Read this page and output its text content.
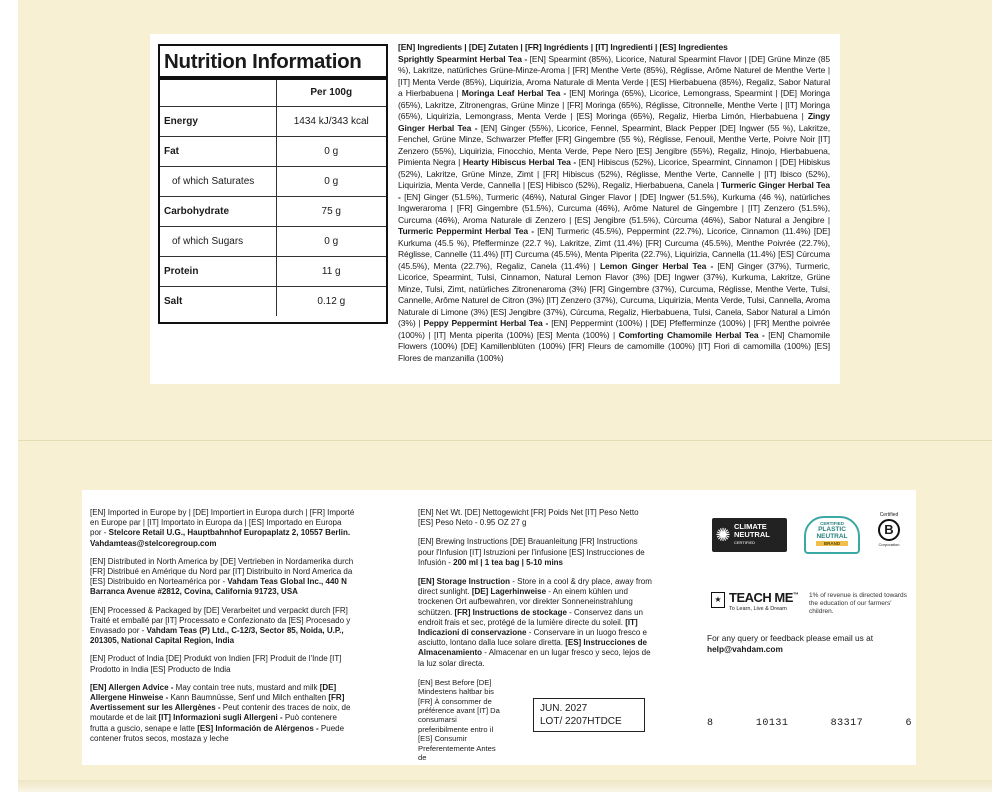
Nutrition Information
	Per 100g
Energy	1434 kJ/343 kcal
Fat	0 g
of which Saturates	0 g
Carbohydrate	75 g
of which Sugars	0 g
Protein	11 g
Salt	0.12 g
[EN] Ingredients | [DE] Zutaten | [FR] Ingrédients | [IT] Ingredienti | [ES] Ingredientes
Sprightly Spearmint Herbal Tea - [EN] Spearmint (85%), Licorice, Natural Spearmint Flavor | [DE] Grüne Minze (85 %), Lakritze, natürliches Grüne-Minze-Aroma | [FR] Menthe Verte (85%), Réglisse, Arôme Naturel de Menthe Verte | [IT] Menta Verde (85%), Liquirizia, Aroma Naturale di Menta Verde | [ES] Hierbabuena (85%), Regaliz, Sabor Natural a Hierbabuena | Moringa Leaf Herbal Tea - [EN] Moringa (65%), Licorice, Lemongrass, Spearmint | [DE] Moringa (65%), Lakritze, Zitronengras, Grüne Minze | [FR] Moringa (65%), Réglisse, Citronnelle, Menthe Verte | [IT] Moringa (65%), Liquirizia, Lemongrass, Menta Verde | [ES] Moringa (65%), Regaliz, Hierba Limón, Hierbabuena | Zingy Ginger Herbal Tea - [EN] Ginger (55%), Licorice, Fennel, Spearmint, Black Pepper [DE] Ingwer (55 %), Lakritze, Fenchel, Grüne Minze, Schwarzer Pfeffer [FR] Gingembre (55 %), Réglisse, Fenouil, Menthe Verte, Poivre Noir [IT] Zenzero (55%), Liquirizia, Finocchio, Menta Verde, Pepe Nero [ES] Jengibre (55%), Regaliz, Hinojo, Hierbabuena, Pimienta Negra | Hearty Hibiscus Herbal Tea - [EN] Hibiscus (52%), Licorice, Spearmint, Cinnamon | [DE] Hibiskus (52%), Lakritze, Grüne Minze, Zimt | [FR] Hibiscus (52%), Réglisse, Menthe Verte, Cannelle | [IT] Ibisco (52%), Liquirizia, Menta Verde, Cannella | [ES] Hibisco (52%), Regaliz, Hierbabuena, Canela | Turmeric Ginger Herbal Tea - [EN] Ginger (51.5%), Turmeric (46%), Natural Ginger Flavor | [DE] Ingwer (51.5%), Kurkuma (46 %), natürliches Ingweraroma | [FR] Gingembre (51.5%), Curcuma (46%), Arôme Naturel de Gingembre | [IT] Zenzero (51.5%), Curcuma (46%), Aroma Naturale di Zenzero | [ES] Jengibre (51.5%), Cúrcuma (46%), Sabor Natural a Jengibre | Turmeric Peppermint Herbal Tea - [EN] Turmeric (45.5%), Peppermint (22.7%), Licorice, Cinnamon (11.4%) [DE] Kurkuma (45.5 %), Pfefferminze (22.7 %), Lakritze, Zimt (11.4%) [FR] Curcuma (45.5%), Menthe Poivrée (22.7%), Réglisse, Cannelle (11.4%) [IT] Curcuma (45.5%), Menta Piperita (22.7%), Liquirizia, Cannella (11.4%) [ES] Cúrcuma (45.5%), Menta (22.7%), Regaliz, Canela (11.4%) | Lemon Ginger Herbal Tea - [EN] Ginger (37%), Turmeric, Licorice, Spearmint, Tulsi, Cinnamon, Natural Lemon Flavor (3%) [DE] Ingwer (37%), Kurkuma, Lakritze, Grüne Minze, Tulsi, Zimt, natürliches Zitronenaroma (3%) [FR] Gingembre (37%), Curcuma, Réglisse, Menthe Verte, Tulsi, Cannelle, Arôme Naturel de Citron (3%) [IT] Zenzero (37%), Curcuma, Liquirizia, Menta Verde, Tulsi, Cannella, Aroma Naturale di Limone (3%) [ES] Jengibre (37%), Cúrcuma, Regaliz, Hierbabuena, Tulsi, Canela, Sabor Natural a Limón (3%) | Peppy Peppermint Herbal Tea - [EN] Peppermint (100%) | [DE] Pfefferminze (100%) | [FR] Menthe poivrée (100%) | [IT] Menta piperita (100%) [ES] Menta (100%) | Comforting Chamomile Herbal Tea - [EN] Chamomile Flowers (100%) [DE] Kamillenblüten (100%) [FR] Fleurs de camomille (100%) [IT] Fiori di camomilla (100%) [ES] Flores de manzanilla (100%)

[EN] Imported in Europe by | [DE] Importiert in Europa durch | [FR] Importé en Europe par | [IT] Importato in Europa da | [ES] Importado en Europa por - Stelcore Retail U.G., Hauptbahnhof Europaplatz 2, 10557 Berlin. Vahdamteas@stelcoregroup.com

[EN] Distributed in North America by [DE] Vertrieben in Nordamerika durch [FR] Distribué en Amérique du Nord par [IT] Distribuito in Nord America da [ES] Distribuido en Norteamérica por - Vahdam Teas Global Inc., 440 N Barranca Avenue #2812, Covina, California 91723, USA

[EN] Processed & Packaged by [DE] Verarbeitet und verpackt durch [FR] Traité et emballé par [IT] Processato e Confezionato da [ES] Procesado y Envasado por - Vahdam Teas (P) Ltd., C-12/3, Sector 85, Noida, U.P., 201305, National Capital Region, India

[EN] Product of India [DE] Produkt von Indien [FR] Produit de l'Inde [IT] Prodotto in India [ES] Producto de India

[EN] Allergen Advice - May contain tree nuts, mustard and milk [DE] Allergene Hinweise - Kann Baumnüsse, Senf und Milch enthalten [FR] Avertissement sur les Allergènes - Peut contenir des traces de noix, de moutarde et de lait [IT] Informazioni sugli Allergeni - Può contenere frutta a guscio, senape e latte [ES] Información de Alérgenos - Puede contener frutos secos, mostaza y leche

[EN] Net Wt. [DE] Nettogewicht [FR] Poids Net [IT] Peso Netto [ES] Peso Neto - 0.95 OZ 27 g

[EN] Brewing Instructions [DE] Brauanleitung [FR] Instructions pour l'Infusion [IT] Istruzioni per l'infusione [ES] Instrucciones de Infusión - 200 ml | 1 tea bag | 5-10 mins

[EN] Storage Instruction - Store in a cool & dry place, away from direct sunlight. [DE] Lagerhinweise - An einem kühlen und trockenen Ort aufbewahren, vor direkter Sonneneinstrahlung schützen. [FR] Instructions de stockage - Conservez dans un endroit frais et sec, protégé de la lumière directe du soleil. [IT] Indicazioni di conservazione - Conservare in un luogo fresco e asciutto, lontano dalla luce solare diretta. [ES] Instrucciones de Almacenamiento - Almacenar en un lugar fresco y seco, lejos de la luz solar directa.

[EN] Best Before [DE] Mindestens haltbar bis [FR] À consommer de préférence avant [IT] Da consumarsi preferibilmente entro il [ES] Consumir Preferentemente Antes de
JUN. 2027
LOT/ 2207HTDCE
✺ CLIMATE
NEUTRAL
CERTIFIED
CERTIFIED
PLASTIC
NEUTRAL
BRAND
Certified
B
Corporation
★ TEACH ME™
To Learn, Live & Dream
1% of revenue is directed towards the education of our farmers' children.
For any query or feedback please email us at
help@vahdam.com
8	10131	83317	6
